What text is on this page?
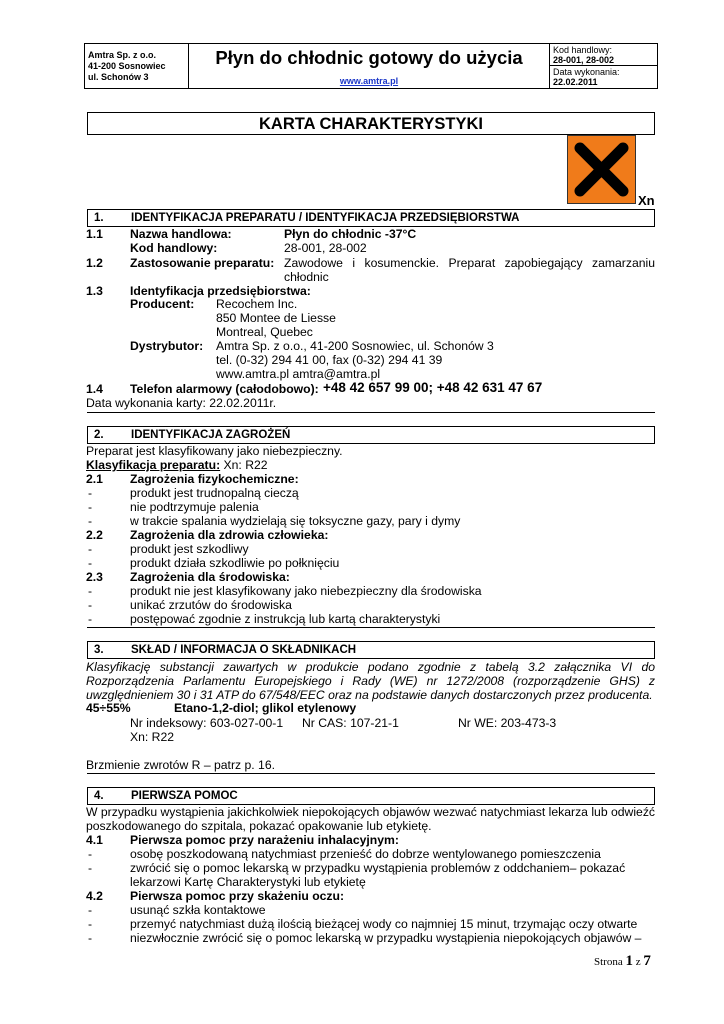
Amtra Sp. z o.o.
41-200 Sosnowiec
ul. Schonów 3
Płyn do chłodnic gotowy do użycia
www.amtra.pl
Kod handlowy:
28-001, 28-002
Data wykonania:
22.02.2011
KARTA CHARAKTERYSTYKI
Xn
1. IDENTYFIKACJA PREPARATU / IDENTYFIKACJA PRZEDSIĘBIORSTWA
1.1 Nazwa handlowa:	Płyn do chłodnic -37°C
Kod handlowy:	28-001, 28-002
1.2 Zastosowanie preparatu: Zawodowe i kosumenckie. Preparat zapobiegający zamarzaniu
chłodnic
1.3 Identyfikacja przedsiębiorstwa:
Producent: Recochem Inc.
850 Montee de Liesse
Montreal, Quebec
Dystrybutor: Amtra Sp. z o.o., 41-200 Sosnowiec, ul. Schonów 3
tel. (0-32) 294 41 00, fax (0-32) 294 41 39
www.amtra.pl amtra@amtra.pl
1.4 Telefon alarmowy (całodobowo): +48 42 657 99 00; +48 42 631 47 67
Data wykonania karty: 22.02.2011r.
2. IDENTYFIKACJA ZAGROŻEŃ
Preparat jest klasyfikowany jako niebezpieczny.
Klasyfikacja preparatu: Xn: R22
2.1 Zagrożenia fizykochemiczne:
-	produkt jest trudnopalną cieczą
-	nie podtrzymuje palenia
-	w trakcie spalania wydzielają się toksyczne gazy, pary i dymy
2.2 Zagrożenia dla zdrowia człowieka:
-	produkt jest szkodliwy
-	produkt działa szkodliwie po połknięciu
2.3 Zagrożenia dla środowiska:
-	produkt nie jest klasyfikowany jako niebezpieczny dla środowiska
-	unikać zrzutów do środowiska
-	postępować zgodnie z instrukcją lub kartą charakterystyki
3. SKŁAD / INFORMACJA O SKŁADNIKACH
Klasyfikację substancji zawartych w produkcie podano zgodnie z tabelą 3.2 załącznika VI do
Rozporządzenia Parlamentu Europejskiego i Rady (WE) nr 1272/2008 (rozporządzenie GHS) z
uwzględnieniem 30 i 31 ATP do 67/548/EEC oraz na podstawie danych dostarczonych przez producenta.
45÷55%	Etano-1,2-diol; glikol etylenowy
Nr indeksowy: 603-027-00-1 Nr CAS: 107-21-1	Nr WE: 203-473-3
Xn: R22
Brzmienie zwrotów R – patrz p. 16.
4. PIERWSZA POMOC
W przypadku wystąpienia jakichkolwiek niepokojących objawów wezwać natychmiast lekarza lub odwieźć
poszkodowanego do szpitala, pokazać opakowanie lub etykietę.
4.1 Pierwsza pomoc przy narażeniu inhalacyjnym:
-	osobę poszkodowaną natychmiast przenieść do dobrze wentylowanego pomieszczenia
-	zwrócić się o pomoc lekarską w przypadku wystąpienia problemów z oddchaniem– pokazać
lekarzowi Kartę Charakterystyki lub etykietę
4.2 Pierwsza pomoc przy skażeniu oczu:
-	usunąć szkła kontaktowe
-	przemyć natychmiast dużą ilością bieżącej wody co najmniej 15 minut, trzymając oczy otwarte
-	niezwłocznie zwrócić się o pomoc lekarską w przypadku wystąpienia niepokojących objawów –
Strona 1 z 7
